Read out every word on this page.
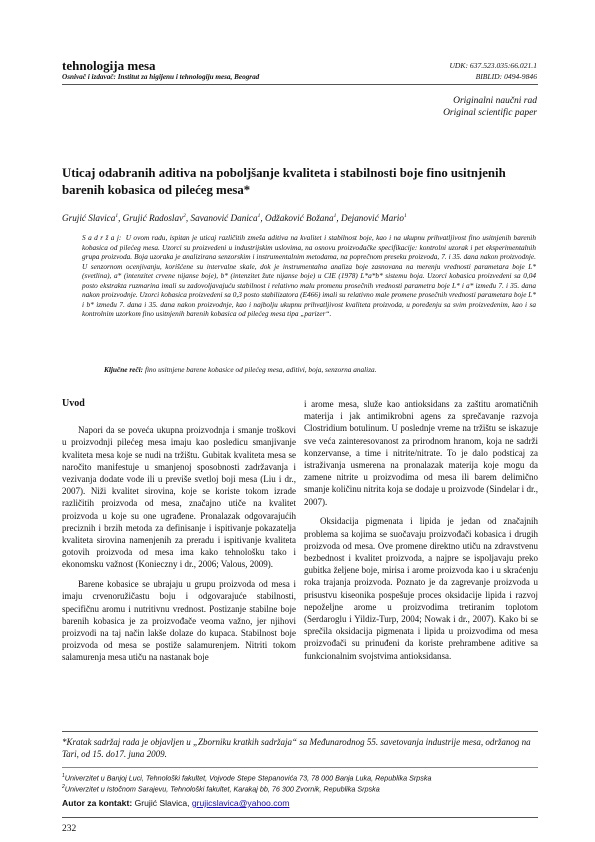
tehnologija mesa
Osnivač i izdavač: Institut za higijenu i tehnologiju mesa, Beograd
UDK: 637.523.035:66.021.1
BIBLID: 0494-9846
Originalni naučni rad
Original scientific paper
Uticaj odabranih aditiva na poboljšanje kvaliteta i stabilnosti boje fino usitnjenih barenih kobasica od pilećeg mesa*
Grujić Slavica$^1$, Grujić Radoslav$^2$, Savanović Danica$^1$, Odžaković Božana$^1$, Dejanović Mario$^1$
S a d r ž a j: U ovom radu, ispitan je uticaj različitih zmeša aditiva na kvalitet i stabilnost boje, kao i na ukupnu prihvatljivost fino usitnjenih barenih kobasica od pilećeg mesa. Uzorci su proizvedeni u industrijskim uslovima, na osnovu proizvođačke specifikacije: kontrolni uzorak i pet eksperimentalnih grupa proizvoda. Boja uzoraka je analizirana senzorskim i instrumentalnim metodama, na poprečnom preseku proizvoda, 7. i 35. dana nakon proizvodnje. U senzornom ocenjivanju, korišćene su intervalne skale, dok je instrumentalna analiza boje zasnovana na merenju vrednosti parametara boje L* (svetlina), a* (intenzitet crvene nijanse boje), b* (intenzitet žute nijanse boje) u CIE (1978) L*a*b* sistemu boja. Uzorci kobasica proizvedeni sa 0,04 posto ekstrakta ruzmarina imali su zadovoljavajuću stabilnost i relativno malu promenu prosečnih vrednosti parametra boje L* i a* između 7. i 35. dana nakon proizvodnje. Uzorci kobasica proizvedeni sa 0,3 posto stabilizatora (E466) imali su relativno male promene prosečnih vrednosti parametara boje L* i b* između 7. dana i 35. dana nakon proizvodnje, kao i najbolju ukupnu prihvatljivost kvaliteta proizvoda, u poređenju sa svim proizvedenim, kao i sa kontrolnim uzorkom fino usitnjenih barenih kobasica od pilećeg mesa tipa „parizer“.
Ključne reči: fino usitnjene barene kobasice od pilećeg mesa, aditivi, boja, senzorna analiza.
Uvod

Napori da se poveća ukupna proizvodnja i smanje troškovi u proizvodnji pilećeg mesa imaju kao posledicu smanjivanje kvaliteta mesa koje se nudi na tržištu. Gubitak kvaliteta mesa se naročito manifestuje u smanjenoj sposobnosti zadržavanja i vezivanja dodate vode ili u previše svetloj boji mesa (Liu i dr., 2007). Niži kvalitet sirovina, koje se koriste tokom izrade različitih proizvoda od mesa, značajno utiče na kvalitet proizvoda u koje su one ugrađene. Pronalazak odgovarajućih preciznih i brzih metoda za definisanje i ispitivanje pokazatelja kvaliteta sirovina namenjenih za preradu i ispitivanje kvaliteta gotovih proizvoda od mesa ima kako tehnološku tako i ekonomsku važnost (Konieczny i dr., 2006; Valous, 2009).

Barene kobasice se ubrajaju u grupu proizvoda od mesa i imaju crvenoružičastu boju i odgovarajuće stabilnosti, specifičnu aromu i nutritivnu vrednost. Postizanje stabilne boje barenih kobasica je za proizvođače veoma važno, jer njihovi proizvodi na taj način lakše dolaze do kupaca. Stabilnost boje proizvoda od mesa se postiže salamurenjem. Nitriti tokom salamurenja mesa utiču na nastanak boje

i arome mesa, služe kao antioksidans za zaštitu aromatičnih materija i jak antimikrobni agens za sprečavanje razvoja Clostridium botulinum. U poslednje vreme na tržištu se iskazuje sve veća zainteresovanost za prirodnom hranom, koja ne sadrži konzervanse, a time i nitrite/nitrate. To je dalo podsticaj za istraživanja usmerena na pronalazak materija koje mogu da zamene nitrite u proizvodima od mesa ili barem delimično smanje količinu nitrita koja se dodaje u proizvode (Sindelar i dr., 2007).

Oksidacija pigmenata i lipida je jedan od značajnih problema sa kojima se suočavaju proizvođači kobasica i drugih proizvoda od mesa. Ove promene direktno utiču na zdravstvenu bezbednost i kvalitet proizvoda, a najpre se ispoljavaju preko gubitka željene boje, mirisa i arome proizvoda kao i u skraćenju roka trajanja proizvoda. Poznato je da zagrevanje proizvoda u prisustvu kiseonika pospešuje proces oksidacije lipida i razvoj nepoželjne arome u proizvodima tretiranim toplotom (Serdaroglu i Yildiz-Turp, 2004; Nowak i dr., 2007). Kako bi se sprečila oksidacija pigmenata i lipida u proizvodima od mesa proizvođači su prinuđeni da koriste prehrambene aditive sa funkcionalnim svojstvima antioksidansa.

*Kratak sadržaj rada je objavljen u „Zborniku kratkih sadržaja“ sa Međunarodnog 55. savetovanja industrije mesa, održanog na Tari, od 15. do17. juna 2009.
$^1$Univerzitet u Banjoj Luci, Tehnološki fakultet, Vojvode Stepe Stepanovića 73, 78 000 Banja Luka, Republika Srpska
$^2$Univerzitet u Istočnom Sarajevu, Tehnološki fakultet, Karakaj bb, 76 300 Zvornik, Republika Srpska
Autor za kontakt: Grujić Slavica, grujicslavica@yahoo.com
232
